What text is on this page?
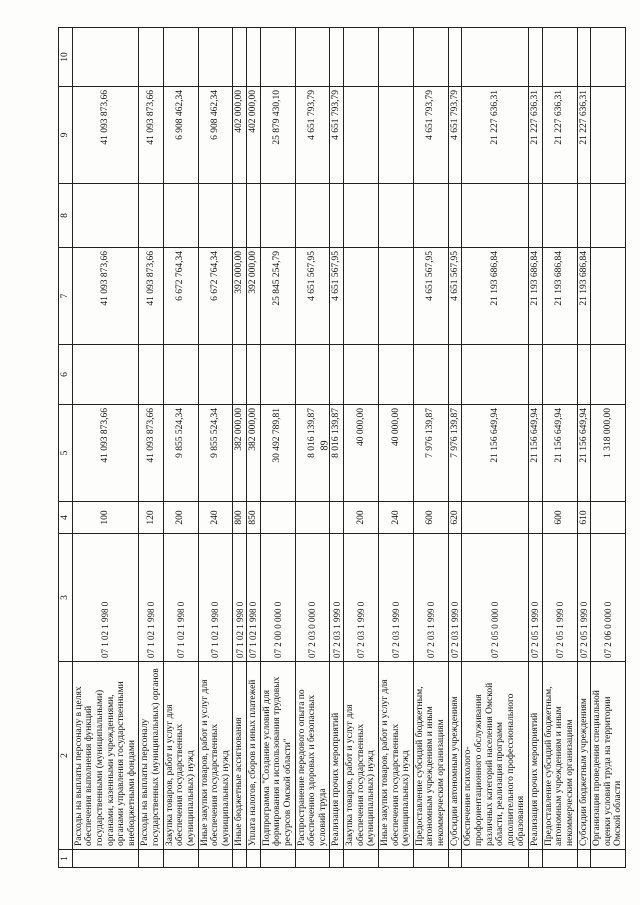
89
1	2	3	4	5	6	7	8	9	10
	Расходы на выплаты персоналу в целях обеспечения выполнения функций государственными (муниципальными) органами, казенными учреждениями, органами управления государственными внебюджетными фондами	07 1 02 1 998 0	100	41 093 873,66		41 093 873,66		41 093 873,66	
	Расходы на выплаты персоналу государственных (муниципальных) органов	07 1 02 1 998 0	120	41 093 873,66		41 093 873,66		41 093 873,66	
	Закупка товаров, работ и услуг для обеспечения государственных (муниципальных) нужд	07 1 02 1 998 0	200	9 855 524,34		6 672 764,34		6 908 462,34	
	Иные закупки товаров, работ и услуг для обеспечения государственных (муниципальных) нужд	07 1 02 1 998 0	240	9 855 524,34		6 672 764,34		6 908 462,34	
	Иные бюджетные ассигнования	07 1 02 1 998 0	800	382 000,00		392 000,00		402 000,00	
	Уплата налогов, сборов и иных платежей	07 1 02 1 998 0	850	382 000,00		392 000,00		402 000,00	
	Подпрограмма "Создание условий для формирования и использования трудовых ресурсов Омской области"	07 2 00 0 000 0		30 492 789,81		25 845 254,79		25 879 430,10	
	Распространение передового опыта по обеспечению здоровых и безопасных условий труда	07 2 03 0 000 0		8 016 139,87		4 651 567,95		4 651 793,79	
	Реализация прочих мероприятий	07 2 03 1 999 0		8 016 139,87		4 651 567,95		4 651 793,79	
	Закупка товаров, работ и услуг для обеспечения государственных (муниципальных) нужд	07 2 03 1 999 0	200	40 000,00					
	Иные закупки товаров, работ и услуг для обеспечения государственных (муниципальных) нужд	07 2 03 1 999 0	240	40 000,00					
	Предоставление субсидий бюджетным, автономным учреждениям и иным некоммерческим организациям	07 2 03 1 999 0	600	7 976 139,87		4 651 567,95		4 651 793,79	
	Субсидии автономным учреждениям	07 2 03 1 999 0	620	7 976 139,87		4 651 567,95		4 651 793,79	
	Обеспечение психолого-профориентационного обслуживания различных категорий населения Омской области, реализация программ дополнительного профессионального образования	07 2 05 0 000 0		21 156 649,94		21 193 686,84		21 227 636,31	
	Реализация прочих мероприятий	07 2 05 1 999 0		21 156 649,94		21 193 686,84		21 227 636,31	
	Предоставление субсидий бюджетным, автономным учреждениям и иным некоммерческим организациям	07 2 05 1 999 0	600	21 156 649,94		21 193 686,84		21 227 636,31	
	Субсидии бюджетным учреждениям	07 2 05 1 999 0	610	21 156 649,94		21 193 686,84		21 227 636,31	
	Организация проведения специальной оценки условий труда на территории Омской области	07 2 06 0 000 0		1 318 000,00					
